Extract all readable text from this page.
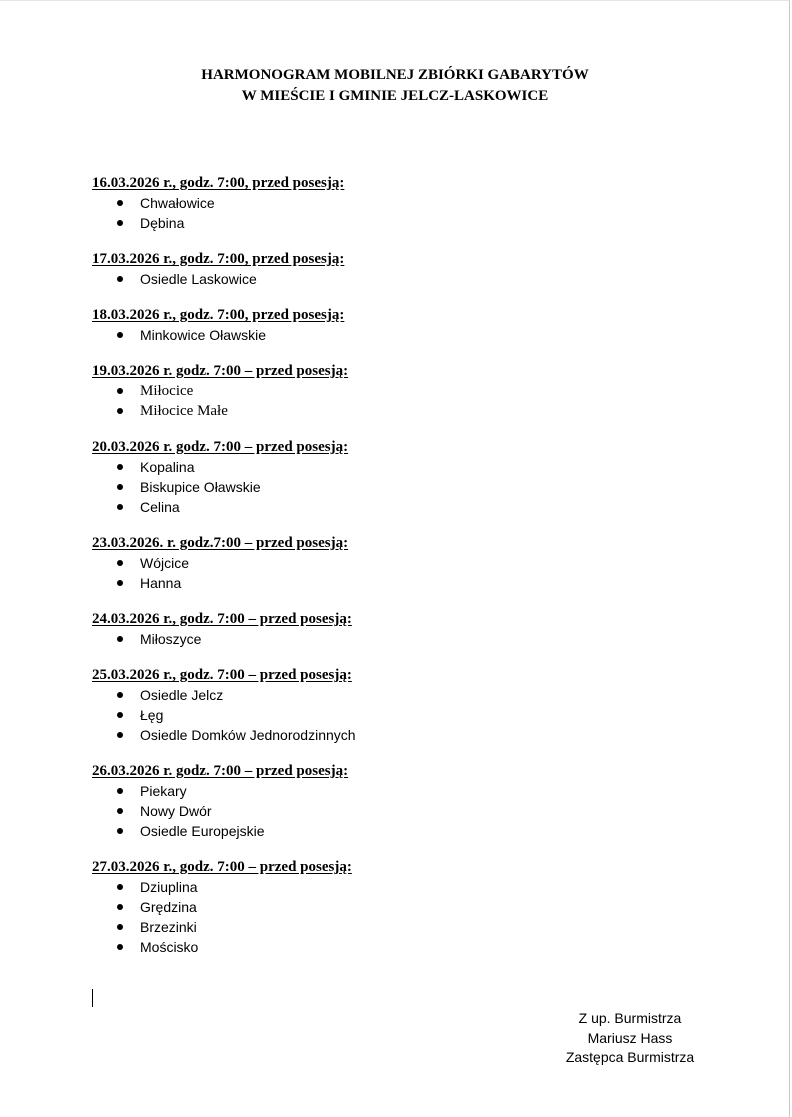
HARMONOGRAM MOBILNEJ ZBIÓRKI GABARYTÓW
W MIEŚCIE I GMINIE JELCZ-LASKOWICE
16.03.2026 r., godz. 7:00, przed posesją:
Chwałowice
Dębina
17.03.2026 r., godz. 7:00, przed posesją:
Osiedle Laskowice
18.03.2026 r., godz. 7:00, przed posesją:
Minkowice Oławskie
19.03.2026 r. godz. 7:00 – przed posesją:
Miłocice
Miłocice Małe
20.03.2026 r. godz. 7:00 – przed posesją:
Kopalina
Biskupice Oławskie
Celina
23.03.2026. r. godz.7:00 – przed posesją:
Wójcice
Hanna
24.03.2026 r., godz. 7:00 – przed posesją:
Miłoszyce
25.03.2026 r., godz. 7:00 – przed posesją:
Osiedle Jelcz
Łęg
Osiedle Domków Jednorodzinnych
26.03.2026 r. godz. 7:00 – przed posesją:
Piekary
Nowy Dwór
Osiedle Europejskie
27.03.2026 r., godz. 7:00 – przed posesją:
Dziuplina
Grędzina
Brzezinki
Mościsko
Z up. Burmistrza
Mariusz Hass
Zastępca Burmistrza
